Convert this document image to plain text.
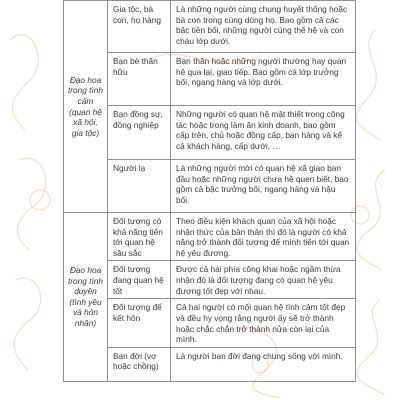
Đạo hoa trong tình cảm (quan hệ xã hội, gia tộc)	Gia tộc, bà con, họ hàng	Là những người cùng chung huyết thống hoặc bà con trong cùng dòng họ. Bao gồm cả các bậc tiền bối, những người cùng thế hệ và con cháu lớp dưới.
	Bạn bè thân hữu	Bạn thân hoặc những người thường hay quan hệ qua lại, giao tiếp. Bao gồm cả lớp trưởng bối, ngang hàng và lớp dưới.
	Bạn đồng sự, đồng nghiệp	Những người có quan hệ mật thiết trong công tác hoặc trong làm ăn kinh doanh, bao gồm cấp trên, chủ hoặc đồng cấp, bạn hàng và kể cả khách hàng, cấp dưới, …
	Người lạ	Là những người mới có quan hệ xã giao ban đầu hoặc những người chưa hề quen biết, bao gồm cả bậc trưởng bối, ngang hàng và hậu bối.
Đạo hoa trong tình duyên (tình yêu và hôn nhân)	Đối tượng có khả năng tiến tới quan hệ sâu sắc	Theo điều kiện khách quan của xã hội hoặc nhận thức của bản thân thì đó là người có khả năng trở thành đối tượng để mình tiến tới quan hệ yêu đương.
	Đối tượng đang quan hệ tốt	Được cả hai phía công khai hoặc ngầm thừa nhận đó là đối tượng đang có quan hệ yêu đương tốt đẹp với nhau.
	Đối tượng để kết hôn	Cả hai người có mối quan hệ tình cảm tốt đẹp và đều hy vọng rằng người ấy sẽ trở thành hoặc chắc chắn trở thành nửa còn lại của mình.
	Bạn đời (vợ hoặc chồng)	Là người bạn đời đang chung sống với mình.
